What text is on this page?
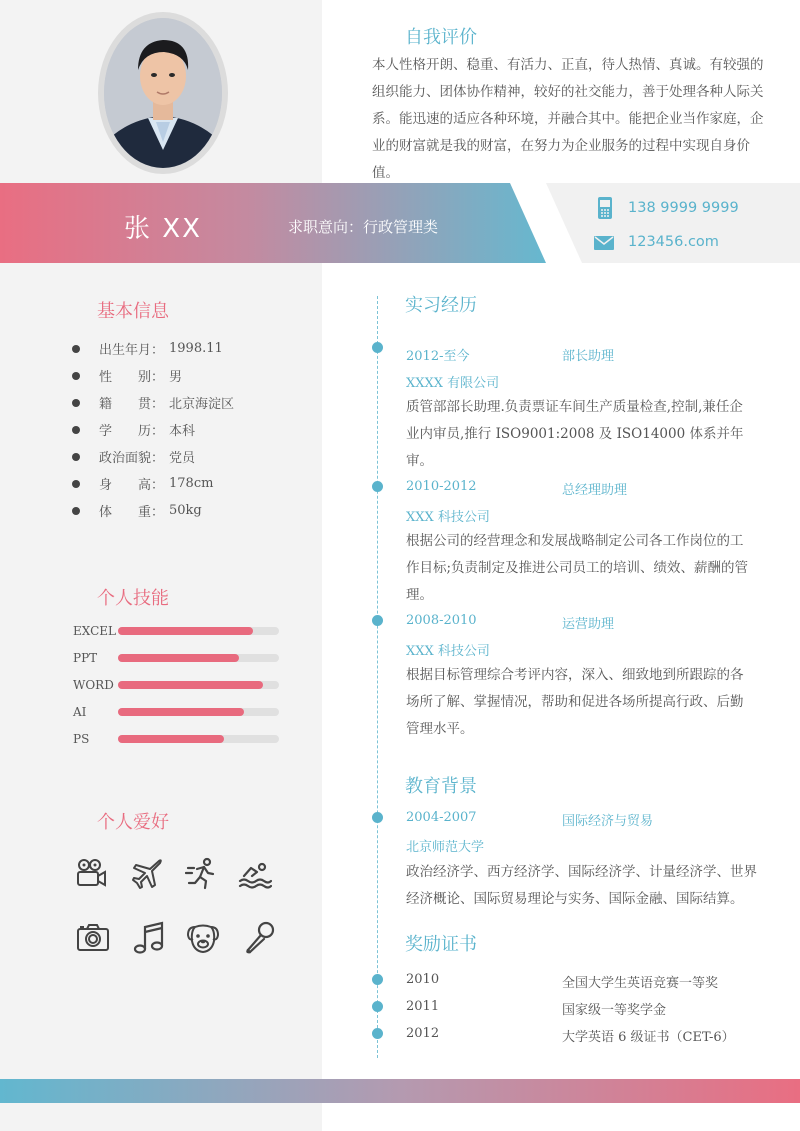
自我评价
本人性格开朗、稳重、有活力、正直，待人热情、真诚。有较强的组织能力、团体协作精神，较好的社交能力，善于处理各种人际关系。能迅速的适应各种环境，并融合其中。能把企业当作家庭，企业的财富就是我的财富，在努力为企业服务的过程中实现自身价值。
张 XX	求职意向：行政管理类
138 9999 9999
123456.com
基本信息
出生年月： 1998.11
性　　别： 男
籍　　贯： 北京海淀区
学　　历： 本科
政治面貌： 党员
身　　高： 178cm
体　　重： 50kg
个人技能
EXCEL
PPT
WORD
AI
PS
个人爱好
实习经历
2012-至今	部长助理
XXXX 有限公司
质管部部长助理.负责票证车间生产质量检查,控制,兼任企业内审员,推行 ISO9001:2008 及 ISO14000 体系并年审。
2010-2012	总经理助理
XXX 科技公司
根据公司的经营理念和发展战略制定公司各工作岗位的工作目标;负责制定及推进公司员工的培训、绩效、薪酬的管理。
2008-2010	运营助理
XXX 科技公司
根据目标管理综合考评内容，深入、细致地到所跟踪的各场所了解、掌握情况，帮助和促进各场所提高行政、后勤管理水平。
教育背景
2004-2007	国际经济与贸易
北京师范大学
政治经济学、西方经济学、国际经济学、计量经济学、世界经济概论、国际贸易理论与实务、国际金融、国际结算。
奖励证书
2010	全国大学生英语竞赛一等奖
2011	国家级一等奖学金
2012	大学英语 6 级证书（CET-6）
